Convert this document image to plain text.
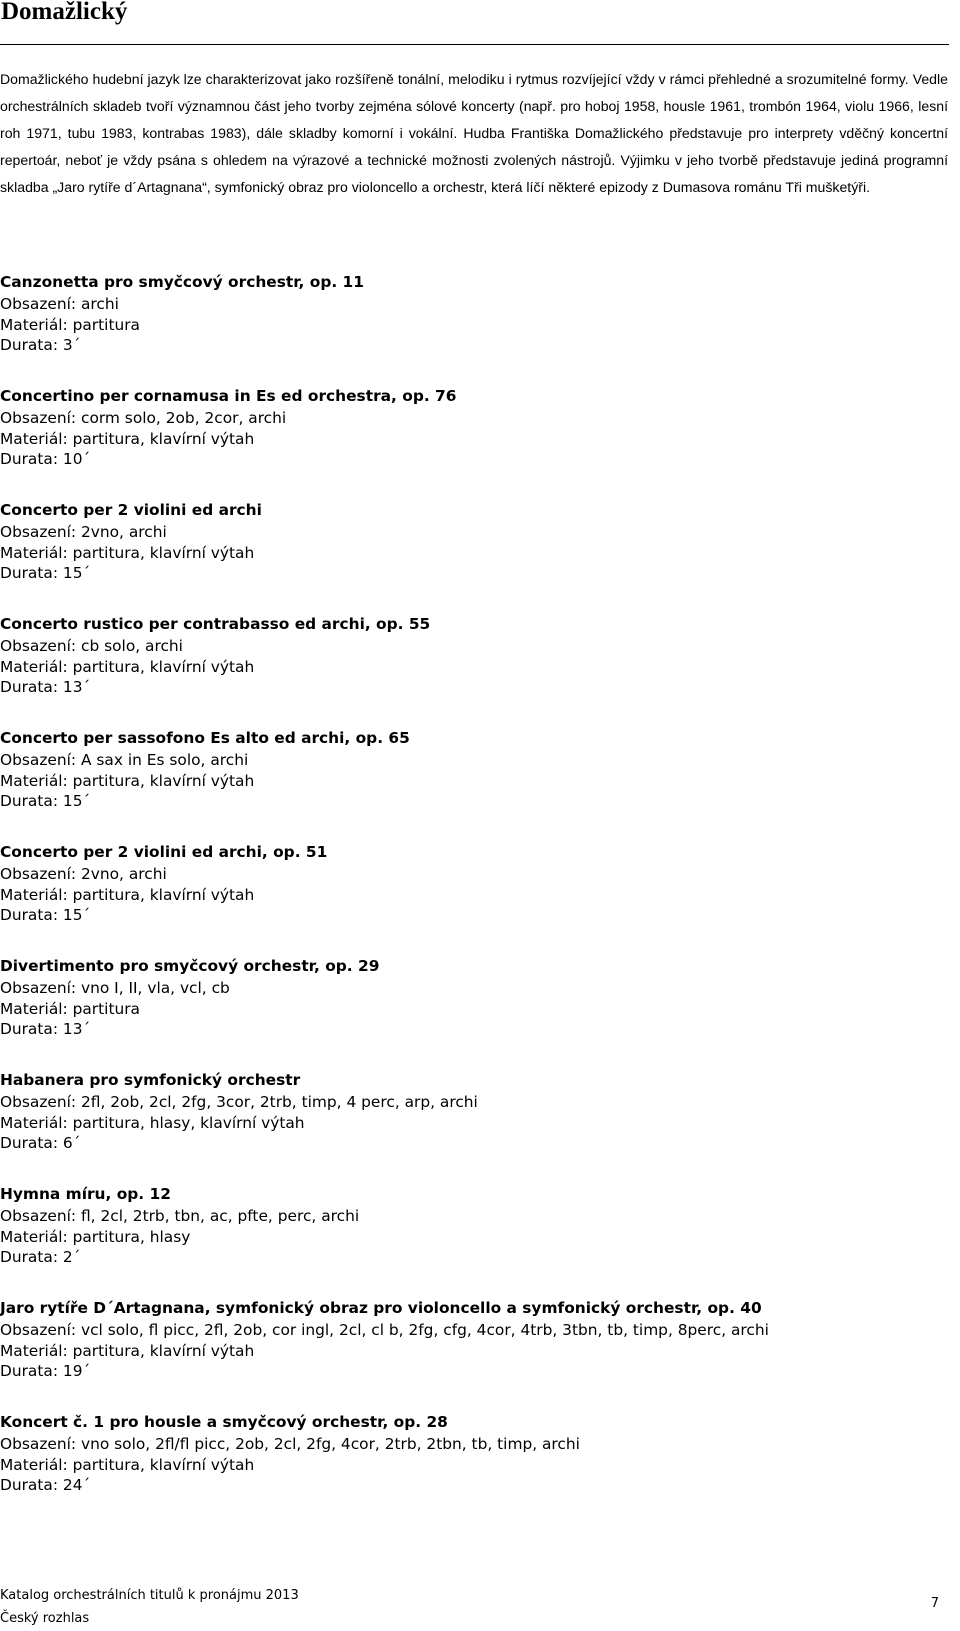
Domažlický

Domažlického hudební jazyk lze charakterizovat jako rozšířeně tonální, melodiku i rytmus rozvíjející vždy v rámci přehledné a srozumitelné formy. Vedle orchestrálních skladeb tvoří významnou část jeho tvorby zejména sólové koncerty (např. pro hoboj 1958, housle 1961, trombón 1964, violu 1966, lesní roh 1971, tubu 1983, kontrabas 1983), dále skladby komorní i vokální. Hudba Františka Domažlického představuje pro interprety vděčný koncertní repertoár, neboť je vždy psána s ohledem na výrazové a technické možnosti zvolených nástrojů. Výjimku v jeho tvorbě představuje jediná programní skladba „Jaro rytíře d´Artagnana“, symfonický obraz pro violoncello a orchestr, která líčí některé epizody z Dumasova románu Tři mušketýři.

Canzonetta pro smyčcový orchestr, op. 11
Obsazení: archi
Materiál: partitura
Durata: 3´
Concertino per cornamusa in Es ed orchestra, op. 76
Obsazení: corm solo, 2ob, 2cor, archi
Materiál: partitura, klavírní výtah
Durata: 10´
Concerto per 2 violini ed archi
Obsazení: 2vno, archi
Materiál: partitura, klavírní výtah
Durata: 15´
Concerto rustico per contrabasso ed archi, op. 55
Obsazení: cb solo, archi
Materiál: partitura, klavírní výtah
Durata: 13´
Concerto per sassofono Es alto ed archi, op. 65
Obsazení: A sax in Es solo, archi
Materiál: partitura, klavírní výtah
Durata: 15´
Concerto per 2 violini ed archi, op. 51
Obsazení: 2vno, archi
Materiál: partitura, klavírní výtah
Durata: 15´
Divertimento pro smyčcový orchestr, op. 29
Obsazení: vno I, II, vla, vcl, cb
Materiál: partitura
Durata: 13´
Habanera pro symfonický orchestr
Obsazení: 2fl, 2ob, 2cl, 2fg, 3cor, 2trb, timp, 4 perc, arp, archi
Materiál: partitura, hlasy, klavírní výtah
Durata: 6´
Hymna míru, op. 12
Obsazení: fl, 2cl, 2trb, tbn, ac, pfte, perc, archi
Materiál: partitura, hlasy
Durata: 2´
Jaro rytíře D´Artagnana, symfonický obraz pro violoncello a symfonický orchestr, op. 40
Obsazení: vcl solo, fl picc, 2fl, 2ob, cor ingl, 2cl, cl b, 2fg, cfg, 4cor, 4trb, 3tbn, tb, timp, 8perc, archi
Materiál: partitura, klavírní výtah
Durata: 19´
Koncert č. 1 pro housle a smyčcový orchestr, op. 28
Obsazení: vno solo, 2fl/fl picc, 2ob, 2cl, 2fg, 4cor, 2trb, 2tbn, tb, timp, archi
Materiál: partitura, klavírní výtah
Durata: 24´
Katalog orchestrálních titulů k pronájmu 2013
Český rozhlas
7
